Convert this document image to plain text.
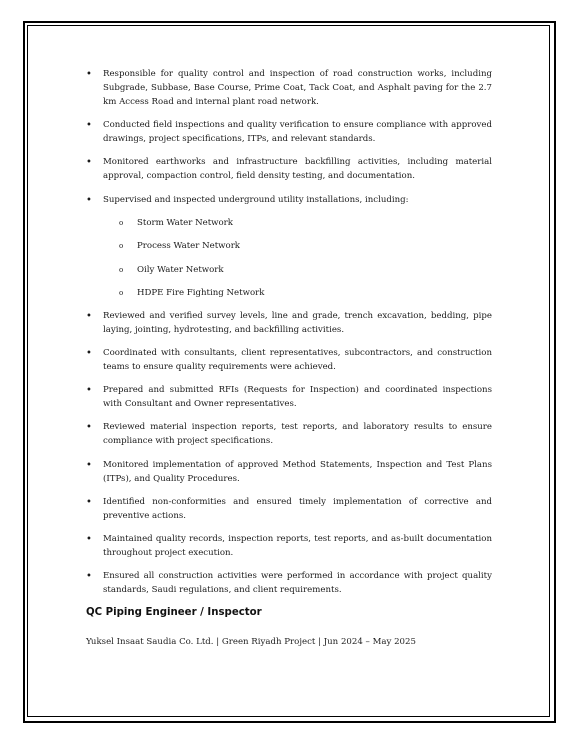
• Responsible for quality control and inspection of road construction works, including Subgrade, Subbase, Base Course, Prime Coat, Tack Coat, and Asphalt paving for the 2.7 km Access Road and internal plant road network.
• Conducted field inspections and quality verification to ensure compliance with approved drawings, project specifications, ITPs, and relevant standards.
• Monitored earthworks and infrastructure backfilling activities, including material approval, compaction control, field density testing, and documentation.
• Supervised and inspected underground utility installations, including:
o Storm Water Network
o Process Water Network
o Oily Water Network
o HDPE Fire Fighting Network
• Reviewed and verified survey levels, line and grade, trench excavation, bedding, pipe laying, jointing, hydrotesting, and backfilling activities.
• Coordinated with consultants, client representatives, subcontractors, and construction teams to ensure quality requirements were achieved.
• Prepared and submitted RFIs (Requests for Inspection) and coordinated inspections with Consultant and Owner representatives.
• Reviewed material inspection reports, test reports, and laboratory results to ensure compliance with project specifications.
• Monitored implementation of approved Method Statements, Inspection and Test Plans (ITPs), and Quality Procedures.
• Identified non-conformities and ensured timely implementation of corrective and preventive actions.
• Maintained quality records, inspection reports, test reports, and as-built documentation throughout project execution.
• Ensured all construction activities were performed in accordance with project quality standards, Saudi regulations, and client requirements.
QC Piping Engineer / Inspector
Yuksel Insaat Saudia Co. Ltd. | Green Riyadh Project | Jun 2024 – May 2025
